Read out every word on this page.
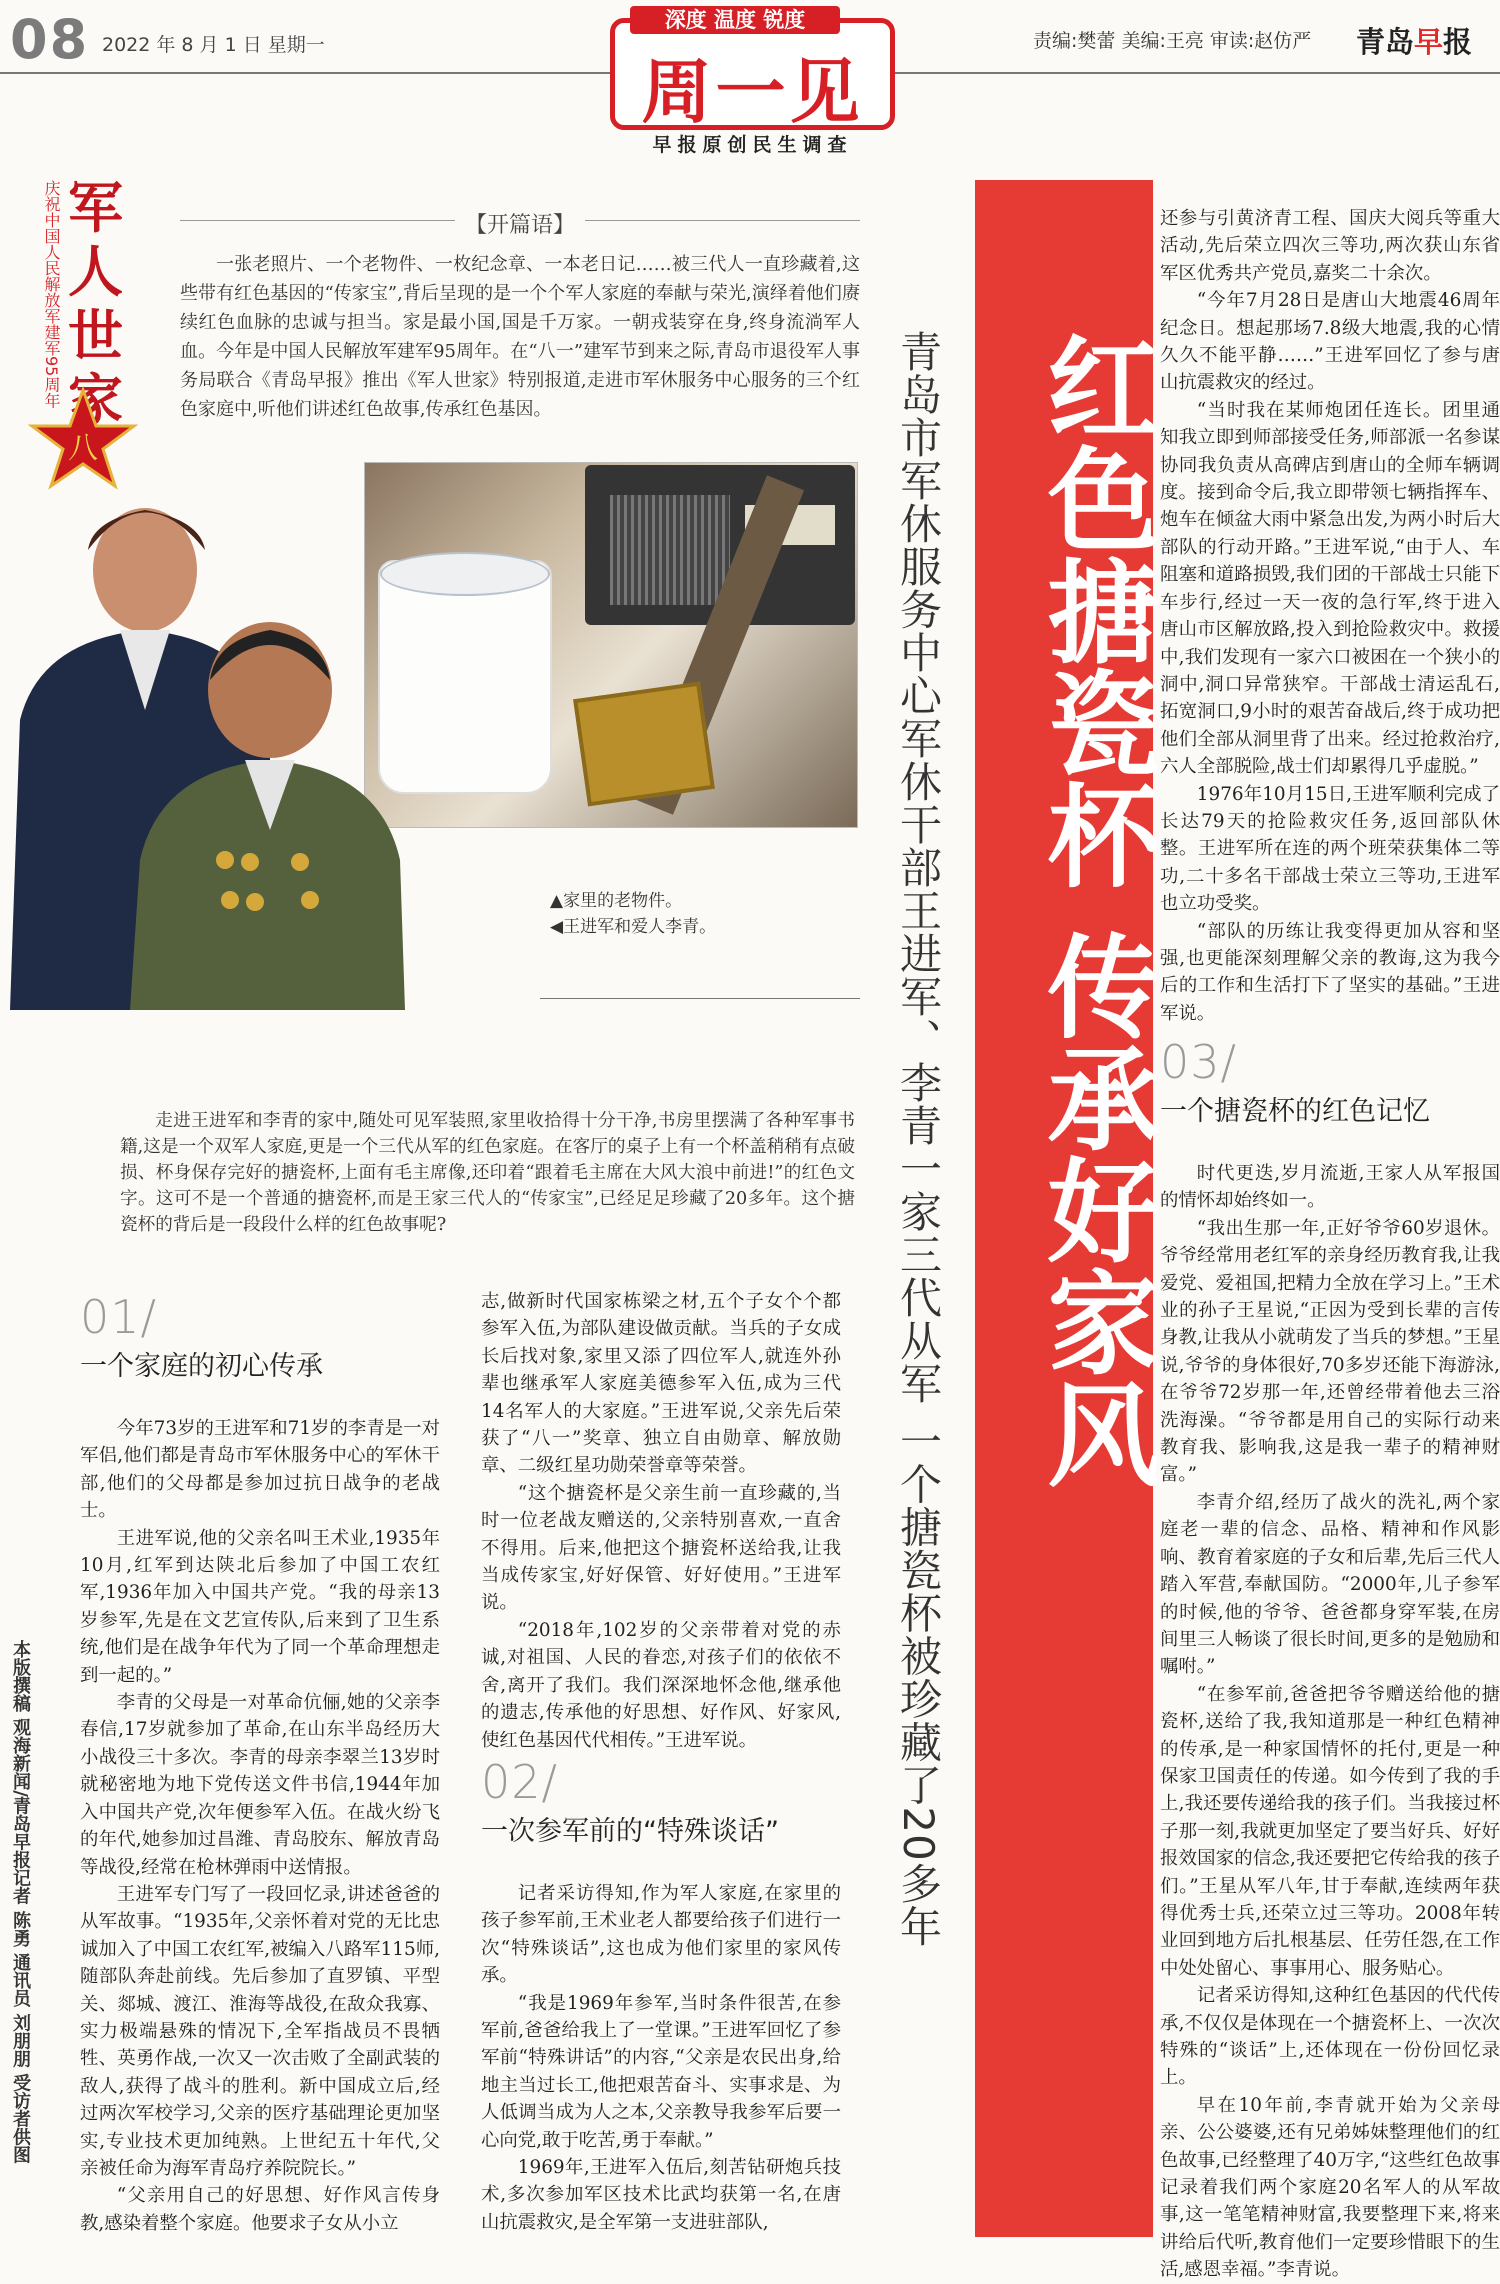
08 2022 年 8 月 1 日 星期一	责编:樊蕾 美编:王亮 审读:赵仿严 青岛早报
深度 温度 锐度
周一见
早报原创民生调查
庆祝中国人民解放军建军95周年 军人世家
八
【开篇语】
一张老照片、一个老物件、一枚纪念章、一本老日记……被三代人一直珍藏着,这些带有红色基因的“传家宝”,背后呈现的是一个个军人家庭的奉献与荣光,演绎着他们赓续红色血脉的忠诚与担当。家是最小国,国是千万家。一朝戎装穿在身,终身流淌军人血。今年是中国人民解放军建军95周年。在“八一”建军节到来之际,青岛市退役军人事务局联合《青岛早报》推出《军人世家》特别报道,走进市军休服务中心服务的三个红色家庭中,听他们讲述红色故事,传承红色基因。
▲家里的老物件。
◀王进军和爱人李青。
走进王进军和李青的家中,随处可见军装照,家里收拾得十分干净,书房里摆满了各种军事书籍,这是一个双军人家庭,更是一个三代从军的红色家庭。在客厅的桌子上有一个杯盖稍稍有点破损、杯身保存完好的搪瓷杯,上面有毛主席像,还印着“跟着毛主席在大风大浪中前进!”的红色文字。这可不是一个普通的搪瓷杯,而是王家三代人的“传家宝”,已经足足珍藏了20多年。这个搪瓷杯的背后是一段段什么样的红色故事呢?	红色搪瓷杯 传承好家风
青岛市军休服务中心军休干部王进军、李青一家三代从军 一个搪瓷杯被珍藏了20多年
01/
一个家庭的初心传承

今年73岁的王进军和71岁的李青是一对军侣,他们都是青岛市军休服务中心的军休干部,他们的父母都是参加过抗日战争的老战士。

王进军说,他的父亲名叫王术业,1935年10月,红军到达陕北后参加了中国工农红军,1936年加入中国共产党。“我的母亲13岁参军,先是在文艺宣传队,后来到了卫生系统,他们是在战争年代为了同一个革命理想走到一起的。”

李青的父母是一对革命伉俪,她的父亲李春信,17岁就参加了革命,在山东半岛经历大小战役三十多次。李青的母亲李翠兰13岁时就秘密地为地下党传送文件书信,1944年加入中国共产党,次年便参军入伍。在战火纷飞的年代,她参加过昌潍、青岛胶东、解放青岛等战役,经常在枪林弹雨中送情报。

王进军专门写了一段回忆录,讲述爸爸的从军故事。“1935年,父亲怀着对党的无比忠诚加入了中国工农红军,被编入八路军115师,随部队奔赴前线。先后参加了直罗镇、平型关、郯城、渡江、淮海等战役,在敌众我寡、实力极端悬殊的情况下,全军指战员不畏牺牲、英勇作战,一次又一次击败了全副武装的敌人,获得了战斗的胜利。新中国成立后,经过两次军校学习,父亲的医疗基础理论更加坚实,专业技术更加纯熟。上世纪五十年代,父亲被任命为海军青岛疗养院院长。”

“父亲用自己的好思想、好作风言传身教,感染着整个家庭。他要求子女从小立

志,做新时代国家栋梁之材,五个子女个个都参军入伍,为部队建设做贡献。当兵的子女成长后找对象,家里又添了四位军人,就连外孙辈也继承军人家庭美德参军入伍,成为三代14名军人的大家庭。”王进军说,父亲先后荣获了“八一”奖章、独立自由勋章、解放勋章、二级红星功勋荣誉章等荣誉。

“这个搪瓷杯是父亲生前一直珍藏的,当时一位老战友赠送的,父亲特别喜欢,一直舍不得用。后来,他把这个搪瓷杯送给我,让我当成传家宝,好好保管、好好使用。”王进军说。

“2018年,102岁的父亲带着对党的赤诚,对祖国、人民的眷恋,对孩子们的依依不舍,离开了我们。我们深深地怀念他,继承他的遗志,传承他的好思想、好作风、好家风,使红色基因代代相传。”王进军说。

02/
一次参军前的“特殊谈话”

记者采访得知,作为军人家庭,在家里的孩子参军前,王术业老人都要给孩子们进行一次“特殊谈话”,这也成为他们家里的家风传承。

“我是1969年参军,当时条件很苦,在参军前,爸爸给我上了一堂课。”王进军回忆了参军前“特殊讲话”的内容,“父亲是农民出身,给地主当过长工,他把艰苦奋斗、实事求是、为人低调当成为人之本,父亲教导我参军后要一心向党,敢于吃苦,勇于奉献。”

1969年,王进军入伍后,刻苦钻研炮兵技术,多次参加军区技术比武均获第一名,在唐山抗震救灾,是全军第一支进驻部队,

还参与引黄济青工程、国庆大阅兵等重大活动,先后荣立四次三等功,两次获山东省军区优秀共产党员,嘉奖二十余次。

“今年7月28日是唐山大地震46周年纪念日。想起那场7.8级大地震,我的心情久久不能平静……”王进军回忆了参与唐山抗震救灾的经过。

“当时我在某师炮团任连长。团里通知我立即到师部接受任务,师部派一名参谋协同我负责从高碑店到唐山的全师车辆调度。接到命令后,我立即带领七辆指挥车、炮车在倾盆大雨中紧急出发,为两小时后大部队的行动开路。”王进军说,“由于人、车阻塞和道路损毁,我们团的干部战士只能下车步行,经过一天一夜的急行军,终于进入唐山市区解放路,投入到抢险救灾中。救援中,我们发现有一家六口被困在一个狭小的洞中,洞口异常狭窄。干部战士清运乱石,拓宽洞口,9小时的艰苦奋战后,终于成功把他们全部从洞里背了出来。经过抢救治疗,六人全部脱险,战士们却累得几乎虚脱。”

1976年10月15日,王进军顺利完成了长达79天的抢险救灾任务,返回部队休整。王进军所在连的两个班荣获集体二等功,二十多名干部战士荣立三等功,王进军也立功受奖。

“部队的历练让我变得更加从容和坚强,也更能深刻理解父亲的教诲,这为我今后的工作和生活打下了坚实的基础。”王进军说。

03/
一个搪瓷杯的红色记忆

时代更迭,岁月流逝,王家人从军报国的情怀却始终如一。

“我出生那一年,正好爷爷60岁退休。爷爷经常用老红军的亲身经历教育我,让我爱党、爱祖国,把精力全放在学习上。”王术业的孙子王星说,“正因为受到长辈的言传身教,让我从小就萌发了当兵的梦想。”王星说,爷爷的身体很好,70多岁还能下海游泳,在爷爷72岁那一年,还曾经带着他去三浴洗海澡。“爷爷都是用自己的实际行动来教育我、影响我,这是我一辈子的精神财富。”

李青介绍,经历了战火的洗礼,两个家庭老一辈的信念、品格、精神和作风影响、教育着家庭的子女和后辈,先后三代人踏入军营,奉献国防。“2000年,儿子参军的时候,他的爷爷、爸爸都身穿军装,在房间里三人畅谈了很长时间,更多的是勉励和嘱咐。”

“在参军前,爸爸把爷爷赠送给他的搪瓷杯,送给了我,我知道那是一种红色精神的传承,是一种家国情怀的托付,更是一种保家卫国责任的传递。如今传到了我的手上,我还要传递给我的孩子们。当我接过杯子那一刻,我就更加坚定了要当好兵、好好报效国家的信念,我还要把它传给我的孩子们。”王星从军八年,甘于奉献,连续两年获得优秀士兵,还荣立过三等功。2008年转业回到地方后扎根基层、任劳任怨,在工作中处处留心、事事用心、服务贴心。

记者采访得知,这种红色基因的代代传承,不仅仅是体现在一个搪瓷杯上、一次次特殊的“谈话”上,还体现在一份份回忆录上。

早在10年前,李青就开始为父亲母亲、公公婆婆,还有兄弟姊妹整理他们的红色故事,已经整理了40万字,“这些红色故事记录着我们两个家庭20名军人的从军故事,这一笔笔精神财富,我要整理下来,将来讲给后代听,教育他们一定要珍惜眼下的生活,感恩幸福。”李青说。

本版撰稿 观海新闻/青岛早报记者 陈勇 通讯员 刘朋朋 受访者供图
